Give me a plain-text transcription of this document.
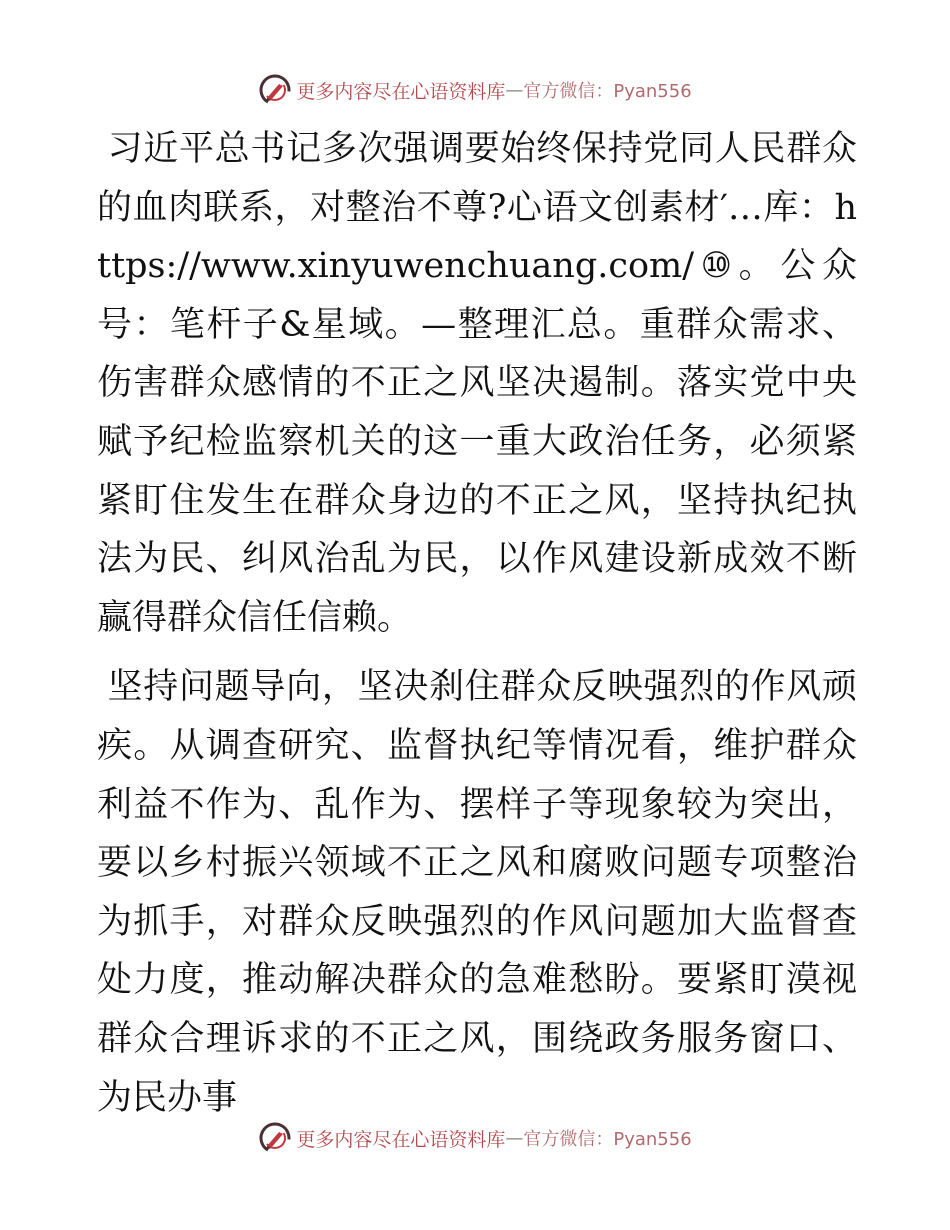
更多内容尽在心语资料库 — 官方微信：Pyan556

习近平总书记多次强调要始终保持党同人民群众的血肉联系，对整治不尊?心语文创素材′…库：https://www.xinyuwenchuang.com/⑩。公众号：笔杆子&星域。—整理汇总。重群众需求、伤害群众感情的不正之风坚决遏制。落实党中央赋予纪检监察机关的这一重大政治任务，必须紧紧盯住发生在群众身边的不正之风，坚持执纪执法为民、纠风治乱为民，以作风建设新成效不断赢得群众信任信赖。

坚持问题导向，坚决刹住群众反映强烈的作风顽疾。从调查研究、监督执纪等情况看，维护群众利益不作为、乱作为、摆样子等现象较为突出，要以乡村振兴领域不正之风和腐败问题专项整治为抓手，对群众反映强烈的作风问题加大监督查处力度，推动解决群众的急难愁盼。要紧盯漠视群众合理诉求的不正之风，围绕政务服务窗口、为民办事

更多内容尽在心语资料库 — 官方微信：Pyan556
